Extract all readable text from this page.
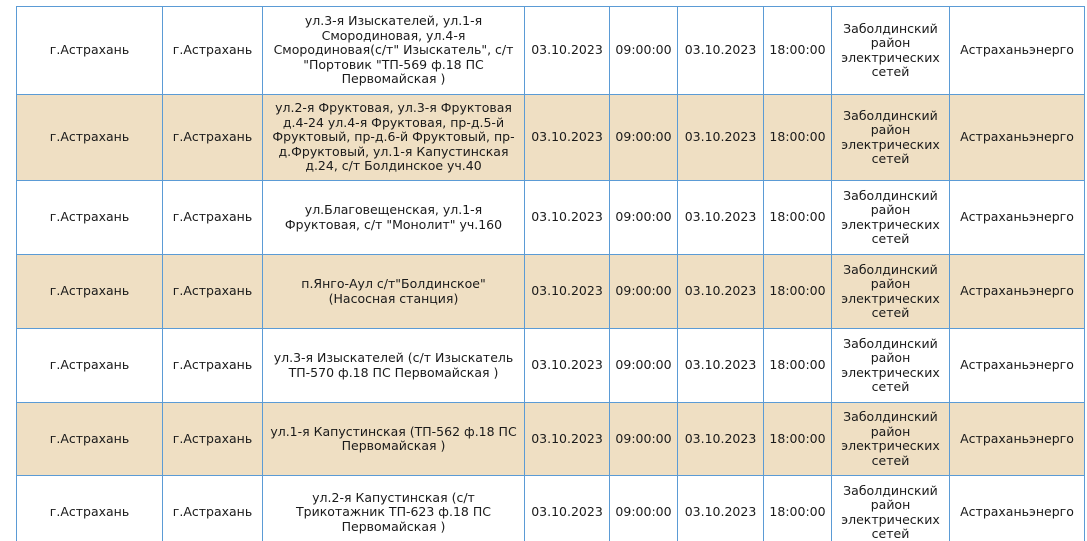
г.Астрахань	г.Астрахань	ул.3-я Изыскателей, ул.1-я Смородиновая, ул.4-я Смородиновая(с/т" Изыскатель", с/т "Портовик "ТП-569 ф.18 ПС Первомайская )	03.10.2023	09:00:00	03.10.2023	18:00:00	Заболдинский район электрических сетей	Астраханьэнерго
г.Астрахань	г.Астрахань	ул.2-я Фруктовая, ул.3-я Фруктовая д.4-24 ул.4-я Фруктовая, пр-д.5-й Фруктовый, пр-д.6-й Фруктовый, пр-д.Фруктовый, ул.1-я Капустинская д.24, с/т Болдинское уч.40	03.10.2023	09:00:00	03.10.2023	18:00:00	Заболдинский район электрических сетей	Астраханьэнерго
г.Астрахань	г.Астрахань	ул.Благовещенская, ул.1-я Фруктовая, с/т "Монолит" уч.160	03.10.2023	09:00:00	03.10.2023	18:00:00	Заболдинский район электрических сетей	Астраханьэнерго
г.Астрахань	г.Астрахань	п.Янго-Аул с/т"Болдинское" (Насосная станция)	03.10.2023	09:00:00	03.10.2023	18:00:00	Заболдинский район электрических сетей	Астраханьэнерго
г.Астрахань	г.Астрахань	ул.3-я Изыскателей (с/т Изыскатель ТП-570 ф.18 ПС Первомайская )	03.10.2023	09:00:00	03.10.2023	18:00:00	Заболдинский район электрических сетей	Астраханьэнерго
г.Астрахань	г.Астрахань	ул.1-я Капустинская (ТП-562 ф.18 ПС Первомайская )	03.10.2023	09:00:00	03.10.2023	18:00:00	Заболдинский район электрических сетей	Астраханьэнерго
г.Астрахань	г.Астрахань	ул.2-я Капустинская (с/т Трикотажник ТП-623 ф.18 ПС Первомайская )	03.10.2023	09:00:00	03.10.2023	18:00:00	Заболдинский район электрических сетей	Астраханьэнерго
